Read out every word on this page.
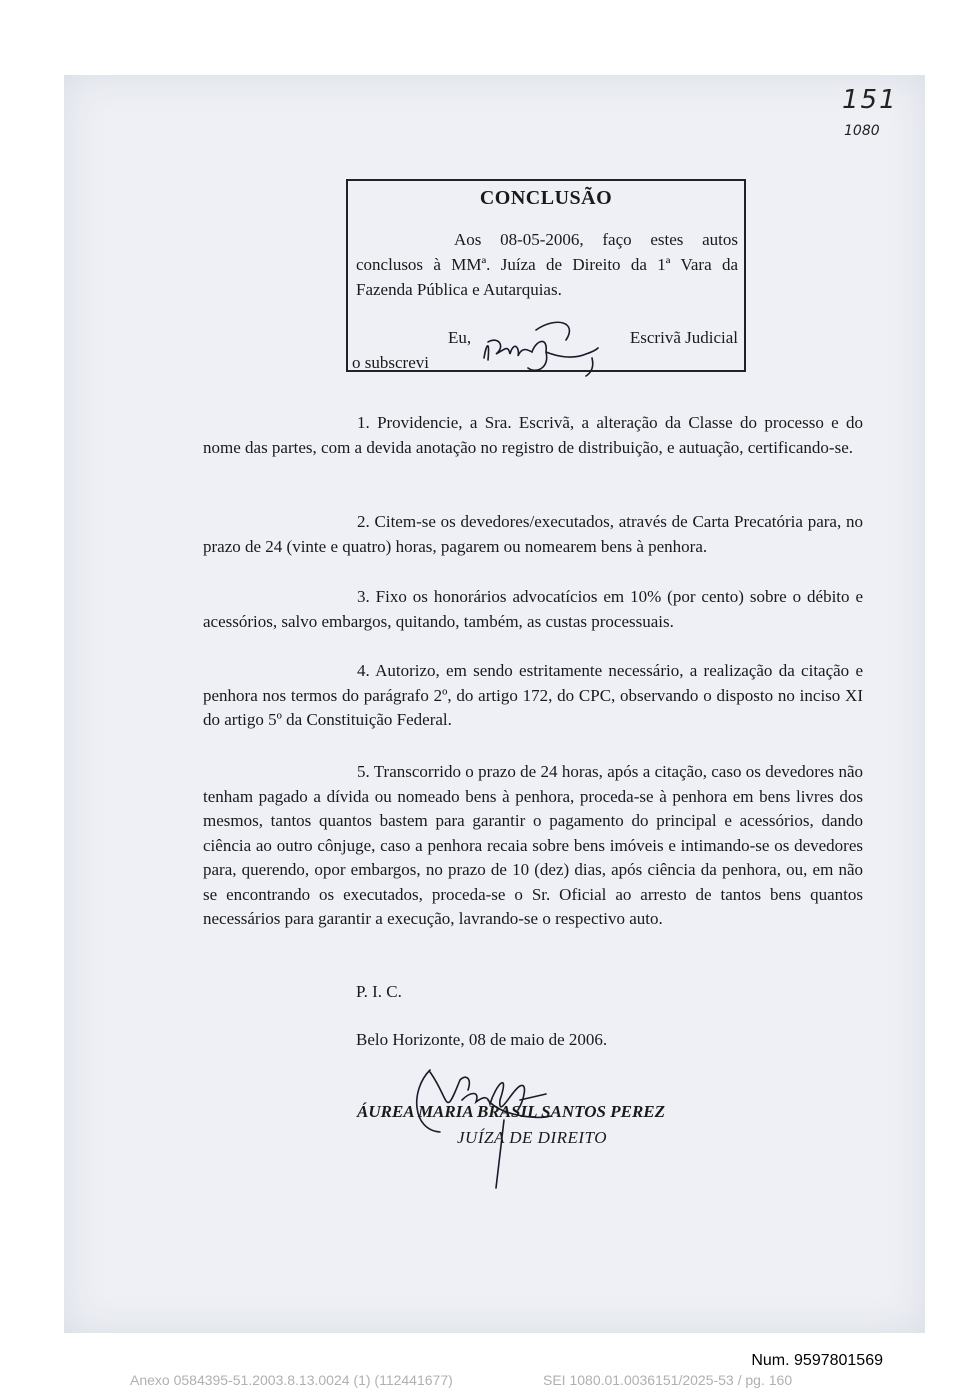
151
1080
CONCLUSÃO
Aos 08-05-2006, faço estes autos conclusos à MMª. Juíza de Direito da 1ª Vara da Fazenda Pública e Autarquias.
Eu,	Escrivã Judicial
o subscrevi
1. Providencie, a Sra. Escrivã, a alteração da Classe do processo e do nome das partes, com a devida anotação no registro de distribuição, e autuação, certificando-se.
2. Citem-se os devedores/executados, através de Carta Precatória para, no prazo de 24 (vinte e quatro) horas, pagarem ou nomearem bens à penhora.
3. Fixo os honorários advocatícios em 10% (por cento) sobre o débito e acessórios, salvo embargos, quitando, também, as custas processuais.
4. Autorizo, em sendo estritamente necessário, a realização da citação e penhora nos termos do parágrafo 2º, do artigo 172, do CPC, observando o disposto no inciso XI do artigo 5º da Constituição Federal.
5. Transcorrido o prazo de 24 horas, após a citação, caso os devedores não tenham pagado a dívida ou nomeado bens à penhora, proceda-se à penhora em bens livres dos mesmos, tantos quantos bastem para garantir o pagamento do principal e acessórios, dando ciência ao outro cônjuge, caso a penhora recaia sobre bens imóveis e intimando-se os devedores para, querendo, opor embargos, no prazo de 10 (dez) dias, após ciência da penhora, ou, em não se encontrando os executados, proceda-se o Sr. Oficial ao arresto de tantos bens quantos necessários para garantir a execução, lavrando-se o respectivo auto.
P. I. C.
Belo Horizonte, 08 de maio de 2006.
ÁUREA MARIA BRASIL SANTOS PEREZ
JUÍZA DE DIREITO
Num. 9597801569
Anexo 0584395-51.2003.8.13.0024 (1) (112441677)	SEI 1080.01.0036151/2025-53 / pg. 160
